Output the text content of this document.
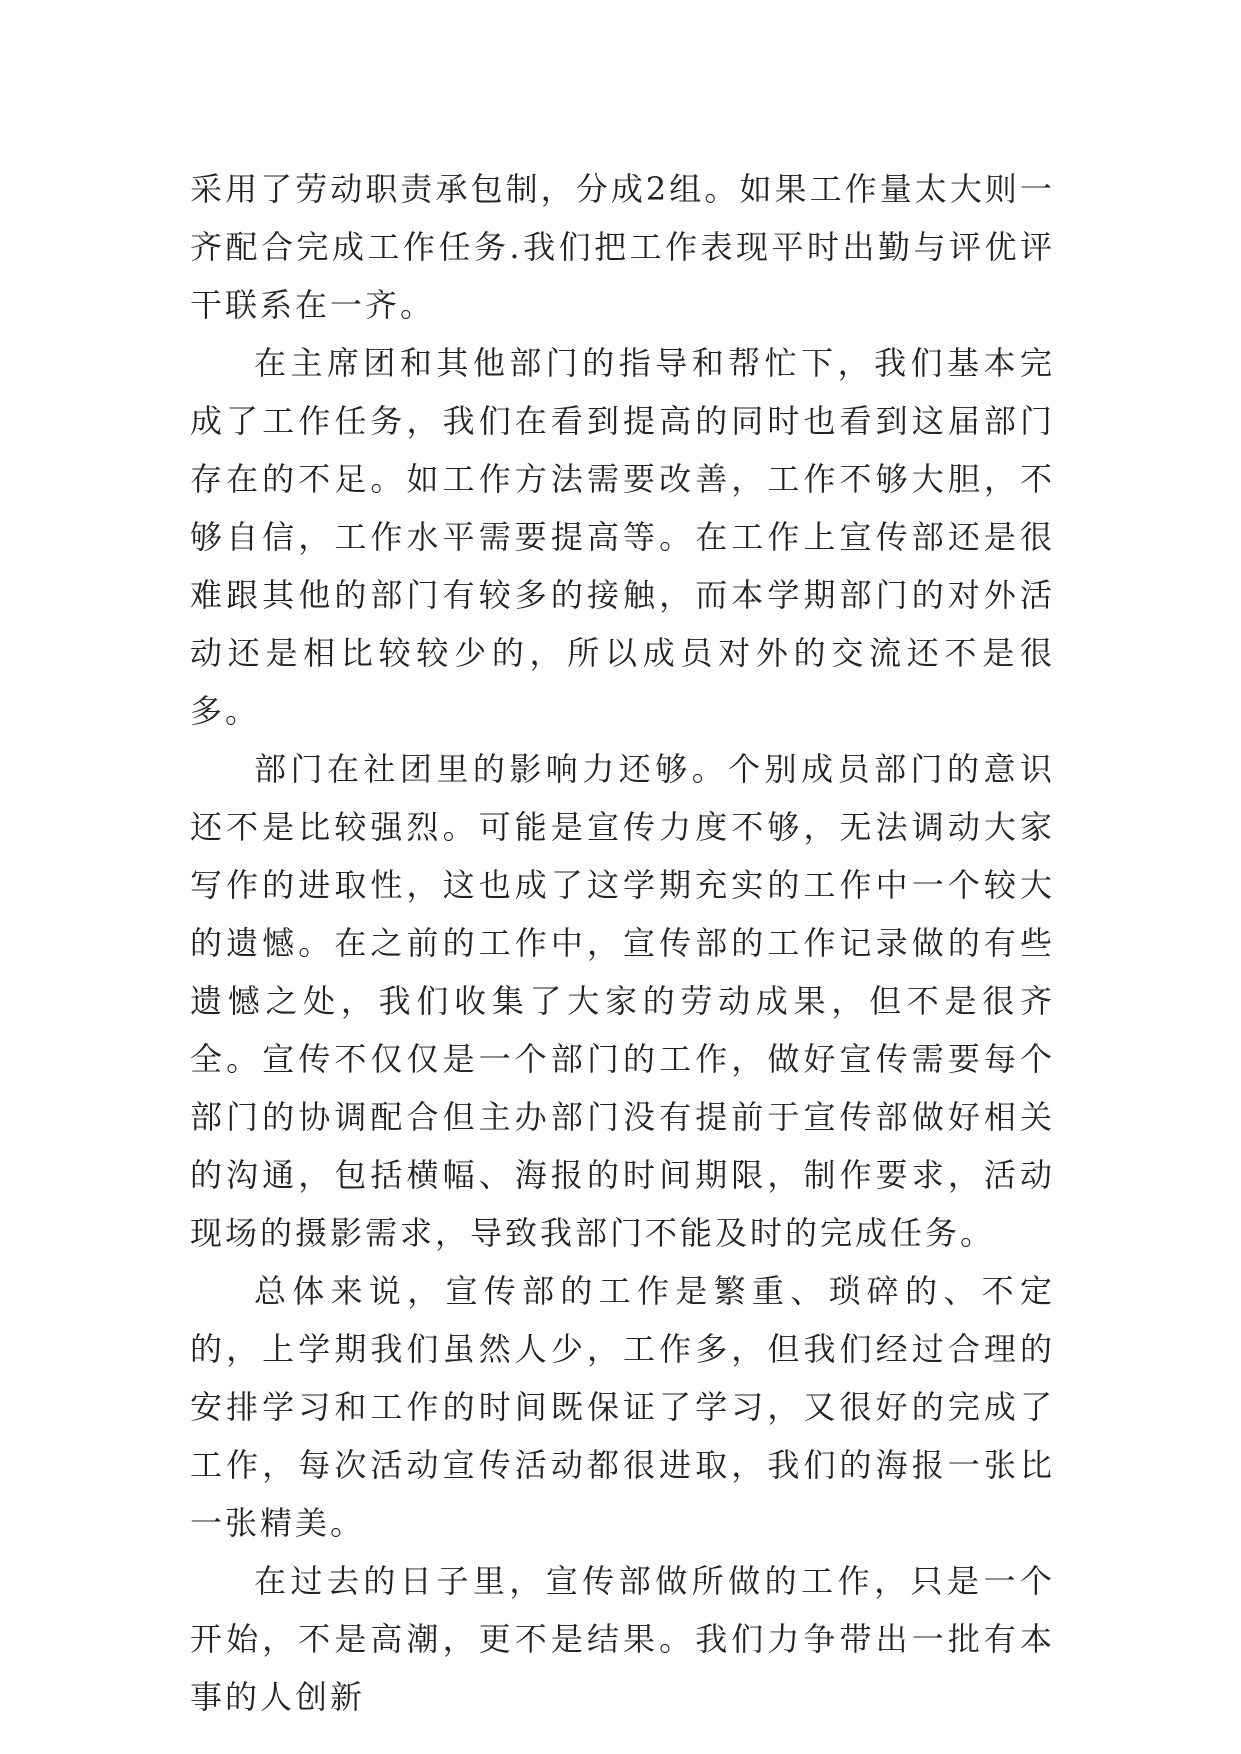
采用了劳动职责承包制，分成2组。如果工作量太大则一齐配合完成工作任务.我们把工作表现平时出勤与评优评干联系在一齐。

在主席团和其他部门的指导和帮忙下，我们基本完成了工作任务，我们在看到提高的同时也看到这届部门存在的不足。如工作方法需要改善，工作不够大胆，不够自信，工作水平需要提高等。在工作上宣传部还是很难跟其他的部门有较多的接触，而本学期部门的对外活动还是相比较较少的，所以成员对外的交流还不是很多。

部门在社团里的影响力还够。个别成员部门的意识还不是比较强烈。可能是宣传力度不够，无法调动大家写作的进取性，这也成了这学期充实的工作中一个较大的遗憾。在之前的工作中，宣传部的工作记录做的有些遗憾之处，我们收集了大家的劳动成果，但不是很齐全。宣传不仅仅是一个部门的工作，做好宣传需要每个部门的协调配合但主办部门没有提前于宣传部做好相关的沟通，包括横幅、海报的时间期限，制作要求，活动现场的摄影需求，导致我部门不能及时的完成任务。

总体来说，宣传部的工作是繁重、琐碎的、不定的，上学期我们虽然人少，工作多，但我们经过合理的安排学习和工作的时间既保证了学习，又很好的完成了工作，每次活动宣传活动都很进取，我们的海报一张比一张精美。

在过去的日子里，宣传部做所做的工作，只是一个开始，不是高潮，更不是结果。我们力争带出一批有本事的人创新
